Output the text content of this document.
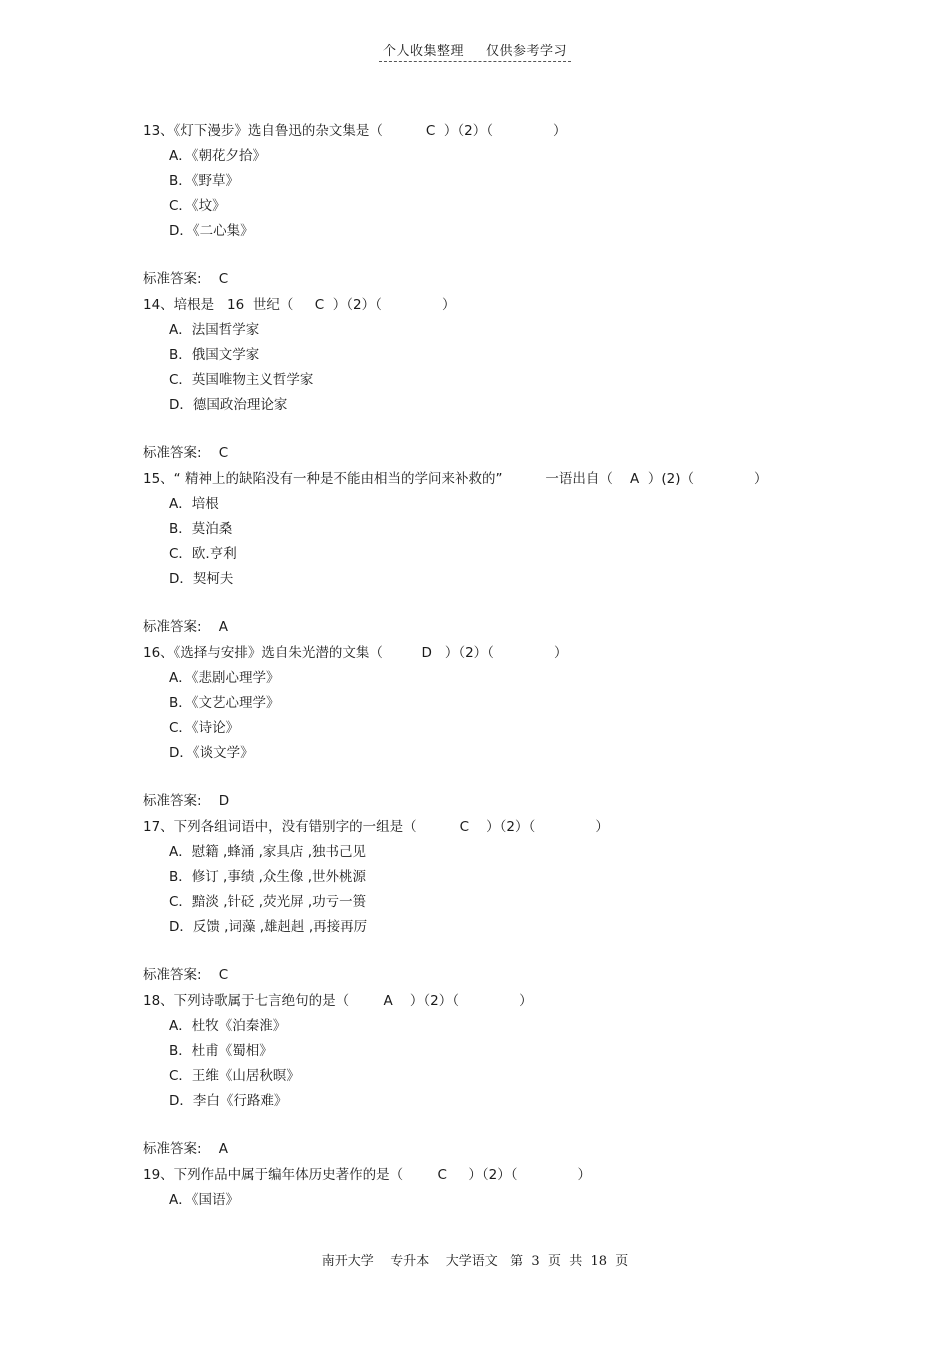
个人收集整理 仅供参考学习
13、《灯下漫步》选自鲁迅的杂文集是（          C  ）（2）（              ）
A．《朝花夕拾》
B．《野草》
C．《坟》
D．《二心集》
标准答案:    C
14、培根是   16  世纪（     C  ）（2）（              ）
A．法国哲学家
B．俄国文学家
C．英国唯物主义哲学家
D．德国政治理论家
标准答案:    C
15、“ 精神上的缺陷没有一种是不能由相当的学问来补救的”          一语出自（    A  ）(2)（              ）
A．培根
B．莫泊桑
C．欧.亨利
D．契柯夫
标准答案:    A
16、《选择与安排》选自朱光潜的文集（         D   ）（2）（              ）
A．《悲剧心理学》
B．《文艺心理学》
C．《诗论》
D．《谈文学》
标准答案:    D
17、下列各组词语中，没有错别字的一组是（          C    ）（2）（              ）
A．慰籍 ,蜂涌 ,家具店 ,独书己见
B．修订 ,事绩 ,众生像 ,世外桃源
C．黯淡 ,针砭 ,荧光屏 ,功亏一篑
D．反馈 ,词藻 ,雄赳赳 ,再接再厉
标准答案:    C
18、下列诗歌属于七言绝句的是（        A    ）（2）（              ）
A．杜牧《泊秦淮》
B．杜甫《蜀相》
C．王维《山居秋暝》
D．李白《行路难》
标准答案:    A
19、下列作品中属于编年体历史著作的是（        C     ）（2）（              ）
A．《国语》
南开大学    专升本    大学语文   第  3  页  共  18  页
